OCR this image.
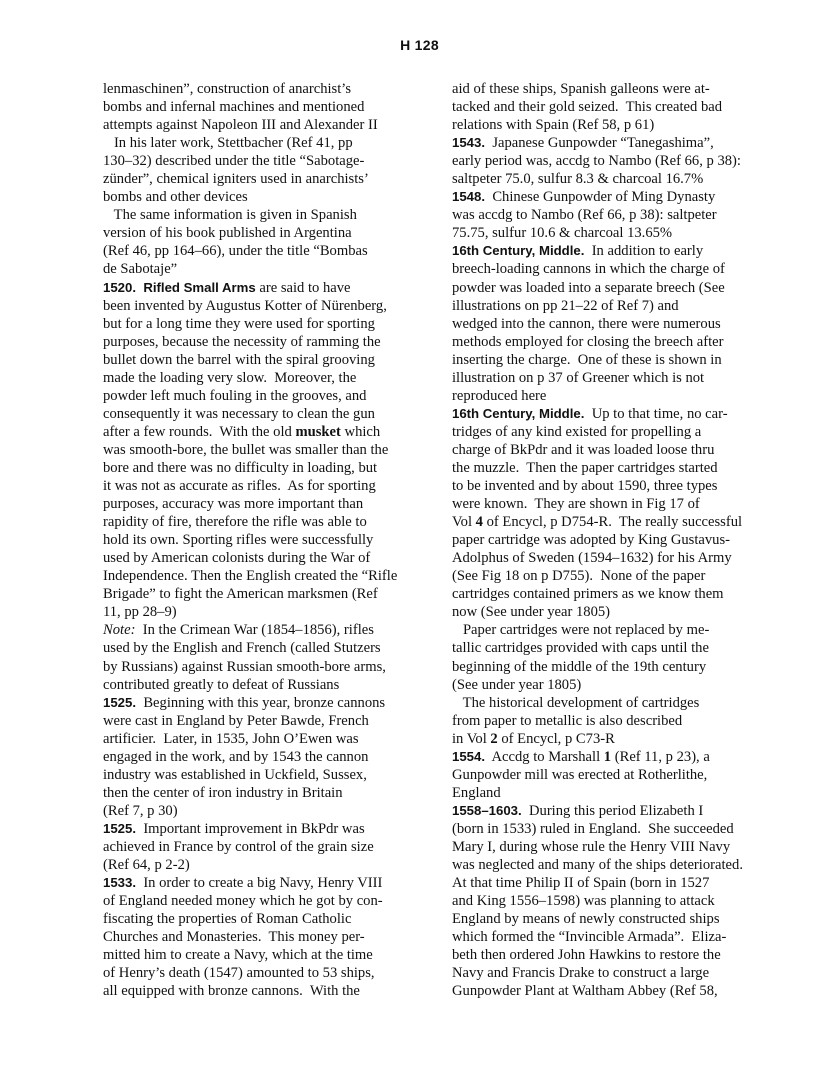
H 128
lenmaschinen”, construction of anarchist’s
bombs and infernal machines and mentioned
attempts against Napoleon III and Alexander II
In his later work, Stettbacher (Ref 41, pp
130–32) described under the title “Sabotage-
zünder”, chemical igniters used in anarchists’
bombs and other devices
The same information is given in Spanish
version of his book published in Argentina
(Ref 46, pp 164–66), under the title “Bombas
de Sabotaje”
1520.  Rifled Small Arms are said to have
been invented by Augustus Kotter of Nürenberg,
but for a long time they were used for sporting
purposes, because the necessity of ramming the
bullet down the barrel with the spiral grooving
made the loading very slow.  Moreover, the
powder left much fouling in the grooves, and
consequently it was necessary to clean the gun
after a few rounds.  With the old musket which
was smooth-bore, the bullet was smaller than the
bore and there was no difficulty in loading, but
it was not as accurate as rifles.  As for sporting
purposes, accuracy was more important than
rapidity of fire, therefore the rifle was able to
hold its own. Sporting rifles were successfully
used by American colonists during the War of
Independence. Then the English created the “Rifle
Brigade” to fight the American marksmen (Ref
11, pp 28–9)
Note:  In the Crimean War (1854–1856), rifles
used by the English and French (called Stutzers
by Russians) against Russian smooth-bore arms,
contributed greatly to defeat of Russians
1525.  Beginning with this year, bronze cannons
were cast in England by Peter Bawde, French
artificier.  Later, in 1535, John O’Ewen was
engaged in the work, and by 1543 the cannon
industry was established in Uckfield, Sussex,
then the center of iron industry in Britain
(Ref 7, p 30)
1525.  Important improvement in BkPdr was
achieved in France by control of the grain size
(Ref 64, p 2-2)
1533.  In order to create a big Navy, Henry VIII
of England needed money which he got by con-
fiscating the properties of Roman Catholic
Churches and Monasteries.  This money per-
mitted him to create a Navy, which at the time
of Henry’s death (1547) amounted to 53 ships,
all equipped with bronze cannons.  With the
aid of these ships, Spanish galleons were at-
tacked and their gold seized.  This created bad
relations with Spain (Ref 58, p 61)
1543.  Japanese Gunpowder “Tanegashima”,
early period was, accdg to Nambo (Ref 66, p 38):
saltpeter 75.0, sulfur 8.3 & charcoal 16.7%
1548.  Chinese Gunpowder of Ming Dynasty
was accdg to Nambo (Ref 66, p 38): saltpeter
75.75, sulfur 10.6 & charcoal 13.65%
16th Century, Middle.  In addition to early
breech-loading cannons in which the charge of
powder was loaded into a separate breech (See
illustrations on pp 21–22 of Ref 7) and
wedged into the cannon, there were numerous
methods employed for closing the breech after
inserting the charge.  One of these is shown in
illustration on p 37 of Greener which is not
reproduced here
16th Century, Middle.  Up to that time, no car-
tridges of any kind existed for propelling a
charge of BkPdr and it was loaded loose thru
the muzzle.  Then the paper cartridges started
to be invented and by about 1590, three types
were known.  They are shown in Fig 17 of
Vol 4 of Encycl, p D754-R.  The really successful
paper cartridge was adopted by King Gustavus-
Adolphus of Sweden (1594–1632) for his Army
(See Fig 18 on p D755).  None of the paper
cartridges contained primers as we know them
now (See under year 1805)
Paper cartridges were not replaced by me-
tallic cartridges provided with caps until the
beginning of the middle of the 19th century
(See under year 1805)
The historical development of cartridges
from paper to metallic is also described
in Vol 2 of Encycl, p C73-R
1554.  Accdg to Marshall 1 (Ref 11, p 23), a
Gunpowder mill was erected at Rotherlithe,
England
1558–1603.  During this period Elizabeth I
(born in 1533) ruled in England.  She succeeded
Mary I, during whose rule the Henry VIII Navy
was neglected and many of the ships deteriorated.
At that time Philip II of Spain (born in 1527
and King 1556–1598) was planning to attack
England by means of newly constructed ships
which formed the “Invincible Armada”.  Eliza-
beth then ordered John Hawkins to restore the
Navy and Francis Drake to construct a large
Gunpowder Plant at Waltham Abbey (Ref 58,
